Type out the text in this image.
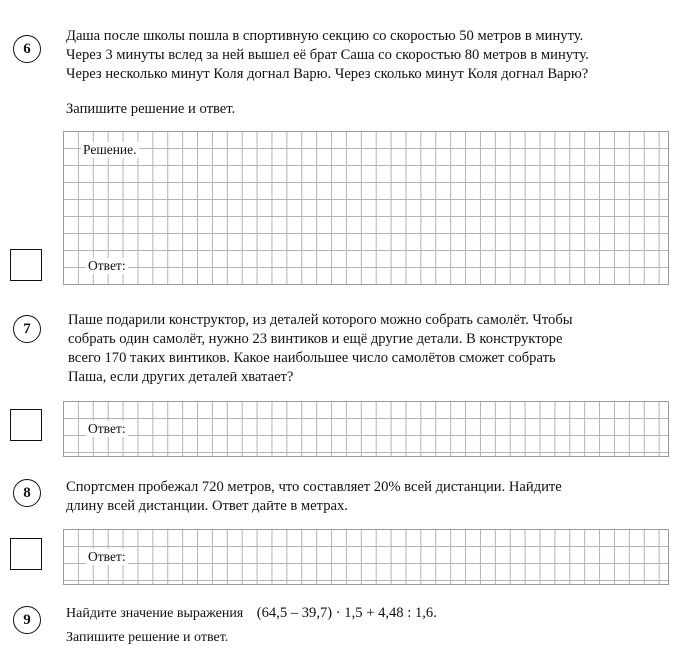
6
Даша после школы пошла в спортивную секцию со скоростью 50 метров в минуту.
Через 3 минуты вслед за ней вышел её брат Саша со скоростью 80 метров в минуту.
Через несколько минут Коля догнал Варю. Через сколько минут Коля догнал Варю?
Запишите решение и ответ.
Решение.
Ответ:
7
Паше подарили конструктор, из деталей которого можно собрать самолёт. Чтобы
собрать один самолёт, нужно 23 винтиков и ещё другие детали. В конструкторе
всего 170 таких винтиков. Какое наибольшее число самолётов сможет собрать
Паша, если других деталеӣ хватает?
Ответ:
8	Спортсмен пробежал 720 метров, что составляет 20% всей дистанции. Наӣдите
длину всей дистанции. Ответ даӣте в метрах.
Ответ:
9	Наӣдите значение выражения (64,5 – 39,7) · 1,5 + 4,48 : 1,6.
Запишите решение и ответ.
